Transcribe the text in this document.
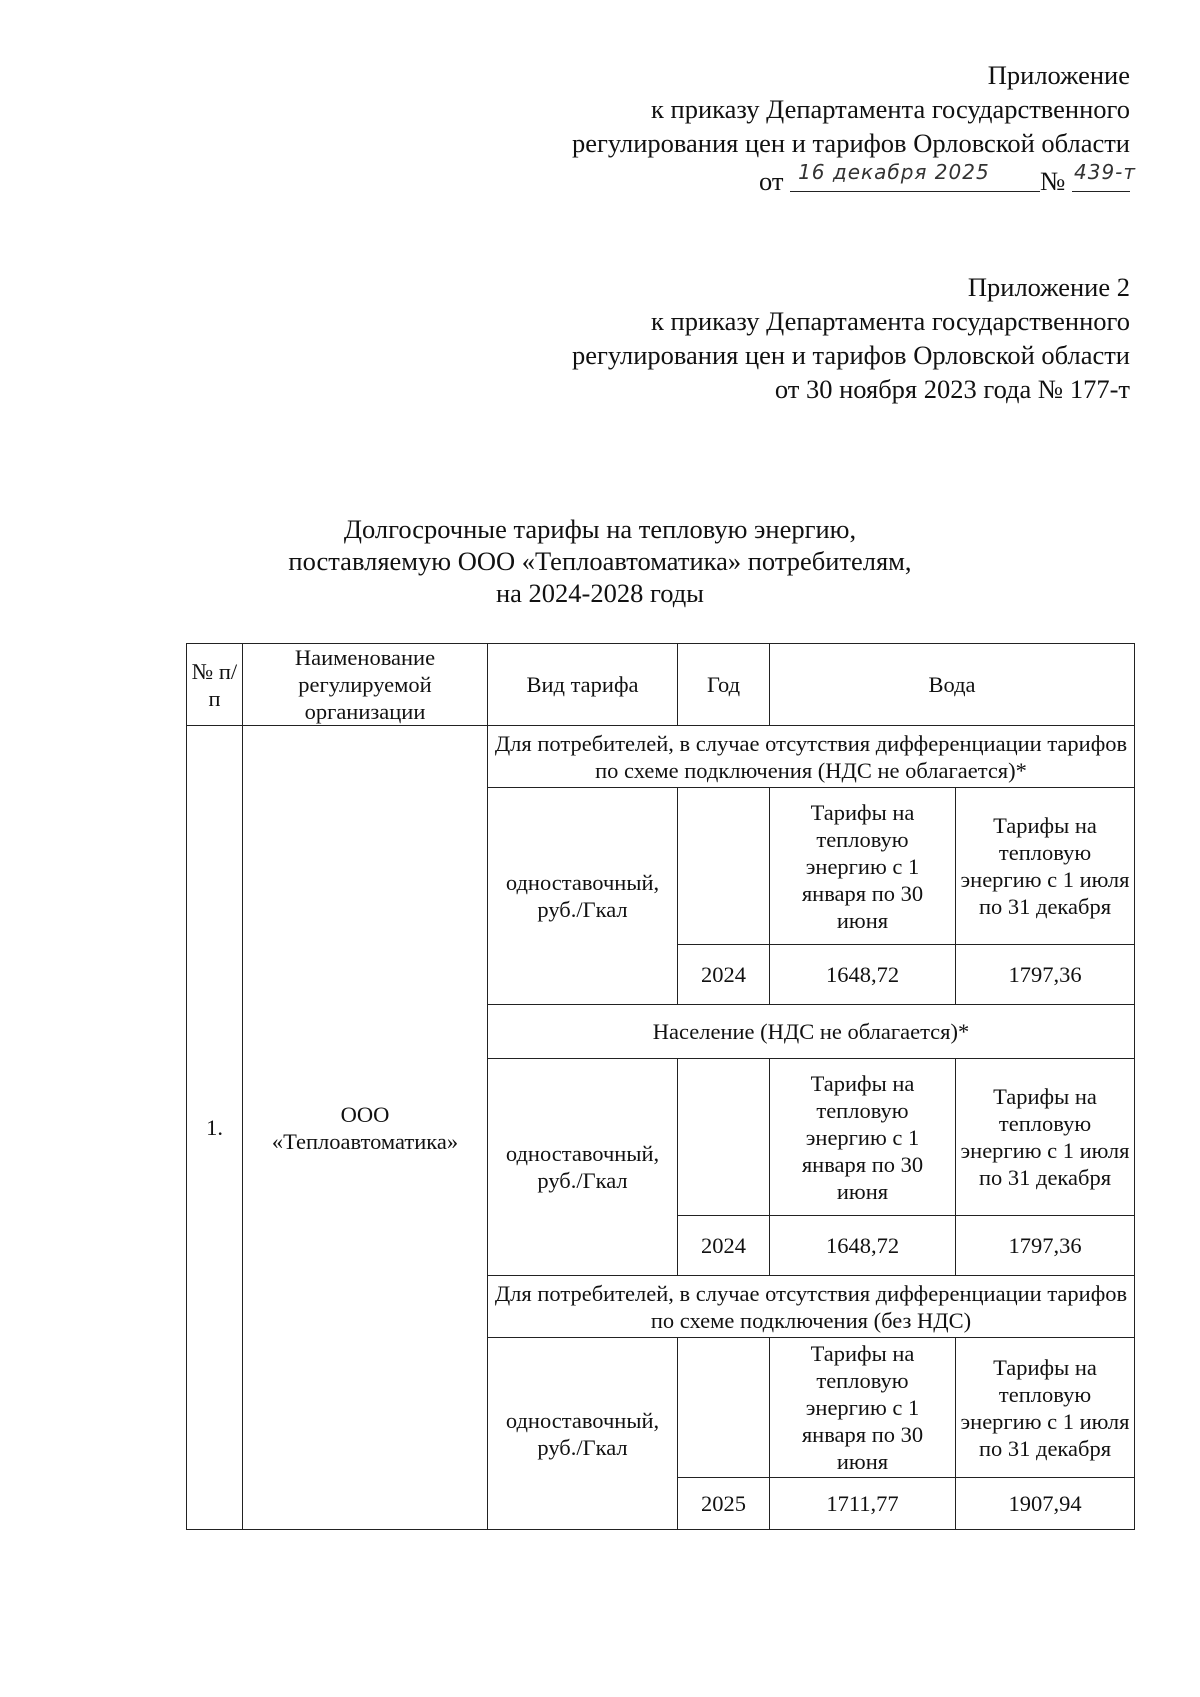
Приложение
к приказу Департамента государственного
регулирования цен и тарифов Орловской области
от 16 декабря 2025 № 439-т
Приложение 2
к приказу Департамента государственного
регулирования цен и тарифов Орловской области
от 30 ноября 2023 года № 177-т
Долгосрочные тарифы на тепловую энергию,
поставляемую ООО «Теплоавтоматика» потребителям,
на 2024-2028 годы
№ п/п	Наименование регулируемой организации	Вид тарифа	Год	Вода	
1.	ООО «Теплоавтоматика»	Для потребителей, в случае отсутствия дифференциации тарифов по схеме подключения (НДС не облагается)*			
		одноставочный, руб./Гкал		Тарифы на тепловую энергию с 1 января по 30 июня	Тарифы на тепловую энергию с 1 июля по 31 декабря
			2024	1648,72	1797,36
		Население (НДС не облагается)*			
		одноставочный, руб./Гкал		Тарифы на тепловую энергию с 1 января по 30 июня	Тарифы на тепловую энергию с 1 июля по 31 декабря
			2024	1648,72	1797,36
		Для потребителей, в случае отсутствия дифференциации тарифов по схеме подключения (без НДС)			
		одноставочный, руб./Гкал		Тарифы на тепловую энергию с 1 января по 30 июня	Тарифы на тепловую энергию с 1 июля по 31 декабря
			2025	1711,77	1907,94
